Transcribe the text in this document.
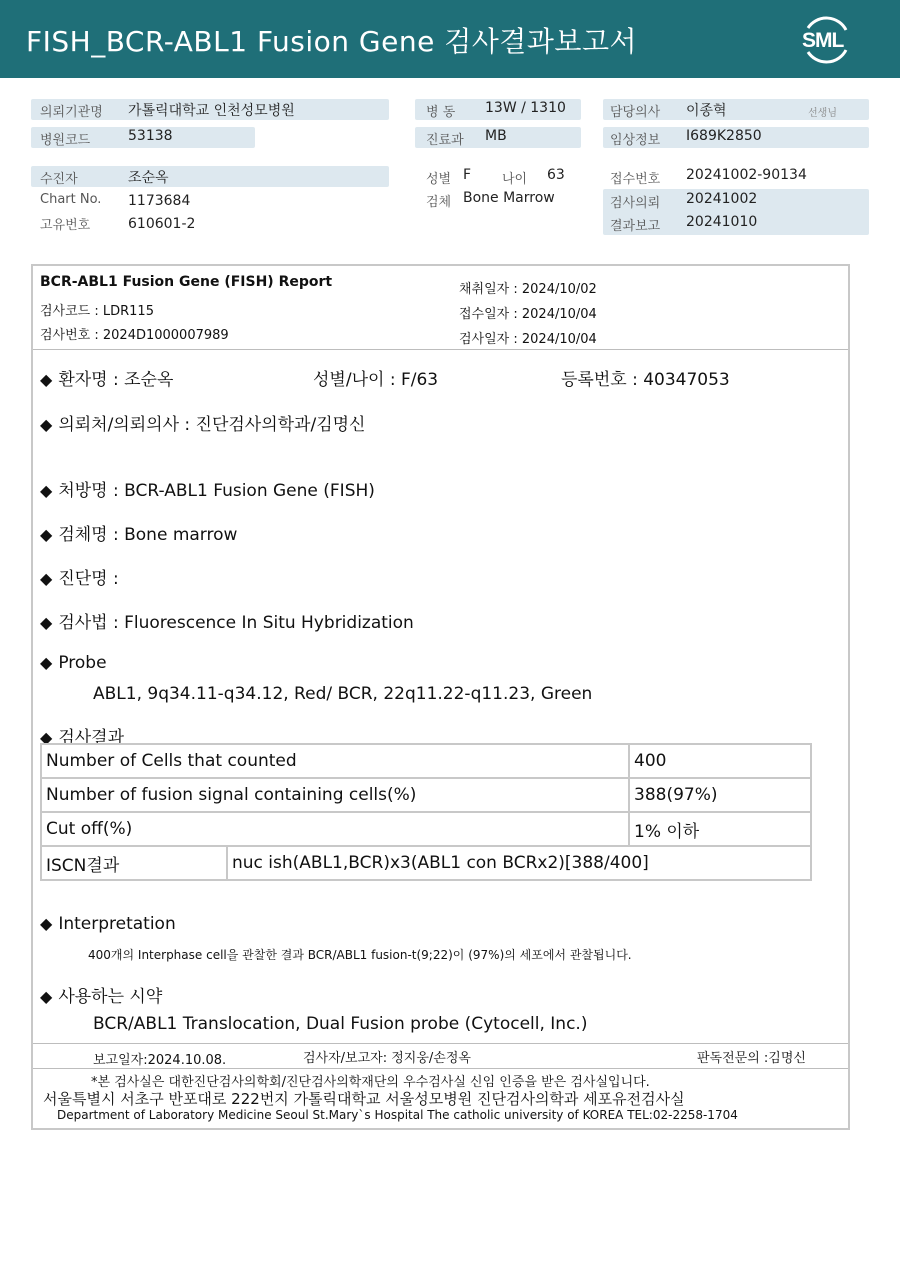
FISH_BCR-ABL1 Fusion Gene 검사결과보고서	SML
의뢰기관명 가톨릭대학교 인천성모병원
병원코드	53138
병 동 13W / 1310
진료과 MB
담당의사 이종혁	선생님
임상정보 I689K2850
수진자	조순옥
Chart No. 1173684
고유번호	610601-2
성별 F 나이 63
검체 Bone Marrow
접수번호 20241002-90134
검사의뢰 20241002
결과보고 20241010
BCR-ABL1 Fusion Gene (FISH) Report
검사코드 : LDR115
검사번호 : 2024D1000007989
채취일자 : 2024/10/02
접수일자 : 2024/10/04
검사일자 : 2024/10/04
◆ 환자명 : 조순옥	성별/나이 : F/63	등록번호 : 40347053
◆ 의뢰처/의뢰의사 : 진단검사의학과/김명신
◆ 처방명 : BCR-ABL1 Fusion Gene (FISH)
◆ 검체명 : Bone marrow
◆ 진단명 :
◆ 검사법 : Fluorescence In Situ Hybridization
◆ Probe
ABL1, 9q34.11-q34.12, Red/ BCR, 22q11.22-q11.23, Green
◆ 검사결과
Number of Cells that counted		400
Number of fusion signal containing cells(%)		388(97%)
Cut off(%)		1% 이하
ISCN결과	nuc ish(ABL1,BCR)x3(ABL1 con BCRx2)[388/400]	
◆ Interpretation
400개의 Interphase cell을 관찰한 결과 BCR/ABL1 fusion-t(9;22)이 (97%)의 세포에서 관찰됩니다.
◆ 사용하는 시약
BCR/ABL1 Translocation, Dual Fusion probe (Cytocell, Inc.)
보고일자:2024.10.08.	검사자/보고자: 정지웅/손정옥	판독전문의 :김명신
*본 검사실은 대한진단검사의학회/진단검사의학재단의 우수검사실 신임 인증을 받은 검사실입니다.
서울특별시 서초구 반포대로 222번지 가톨릭대학교 서울성모병원 진단검사의학과 세포유전검사실
Department of Laboratory Medicine Seoul St.Mary`s Hospital The catholic university of KOREA TEL:02-2258-1704
